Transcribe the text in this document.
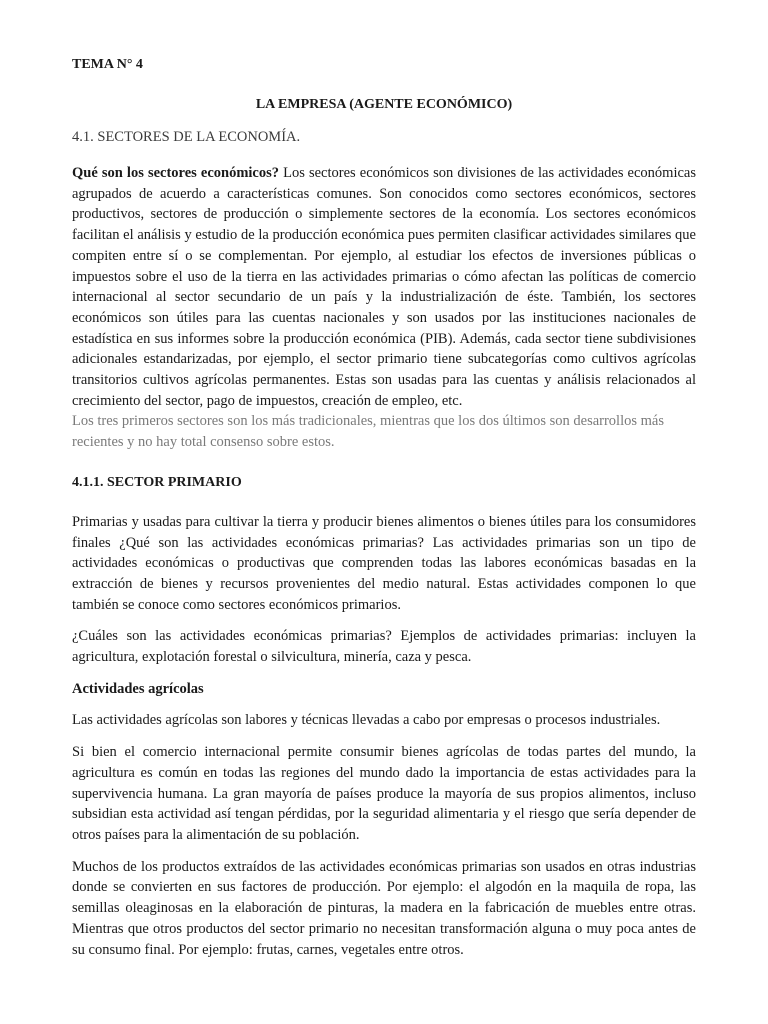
TEMA N° 4
LA EMPRESA (AGENTE ECONÓMICO)
4.1. SECTORES DE LA ECONOMÍA.

Qué son los sectores económicos? Los sectores económicos son divisiones de las actividades económicas agrupados de acuerdo a características comunes. Son conocidos como sectores económicos, sectores productivos, sectores de producción o simplemente sectores de la economía. Los sectores económicos facilitan el análisis y estudio de la producción económica pues permiten clasificar actividades similares que compiten entre sí o se complementan. Por ejemplo, al estudiar los efectos de inversiones públicas o impuestos sobre el uso de la tierra en las actividades primarias o cómo afectan las políticas de comercio internacional al sector secundario de un país y la industrialización de éste. También, los sectores económicos son útiles para las cuentas nacionales y son usados por las instituciones nacionales de estadística en sus informes sobre la producción económica (PIB). Además, cada sector tiene subdivisiones adicionales estandarizadas, por ejemplo, el sector primario tiene subcategorías como cultivos agrícolas transitorios cultivos agrícolas permanentes. Estas son usadas para las cuentas y análisis relacionados al crecimiento del sector, pago de impuestos, creación de empleo, etc.

Los tres primeros sectores son los más tradicionales, mientras que los dos últimos son desarrollos más recientes y no hay total consenso sobre estos.

4.1.1. SECTOR PRIMARIO

Primarias y usadas para cultivar la tierra y producir bienes alimentos o bienes útiles para los consumidores finales ¿Qué son las actividades económicas primarias? Las actividades primarias son un tipo de actividades económicas o productivas que comprenden todas las labores económicas basadas en la extracción de bienes y recursos provenientes del medio natural. Estas actividades componen lo que también se conoce como sectores económicos primarios.

¿Cuáles son las actividades económicas primarias? Ejemplos de actividades primarias: incluyen la agricultura, explotación forestal o silvicultura, minería, caza y pesca.

Actividades agrícolas

Las actividades agrícolas son labores y técnicas llevadas a cabo por empresas o procesos industriales.

Si bien el comercio internacional permite consumir bienes agrícolas de todas partes del mundo, la agricultura es común en todas las regiones del mundo dado la importancia de estas actividades para la supervivencia humana. La gran mayoría de países produce la mayoría de sus propios alimentos, incluso subsidian esta actividad así tengan pérdidas, por la seguridad alimentaria y el riesgo que sería depender de otros países para la alimentación de su población.

Muchos de los productos extraídos de las actividades económicas primarias son usados en otras industrias donde se convierten en sus factores de producción. Por ejemplo: el algodón en la maquila de ropa, las semillas oleaginosas en la elaboración de pinturas, la madera en la fabricación de muebles entre otras. Mientras que otros productos del sector primario no necesitan transformación alguna o muy poca antes de su consumo final. Por ejemplo: frutas, carnes, vegetales entre otros.
